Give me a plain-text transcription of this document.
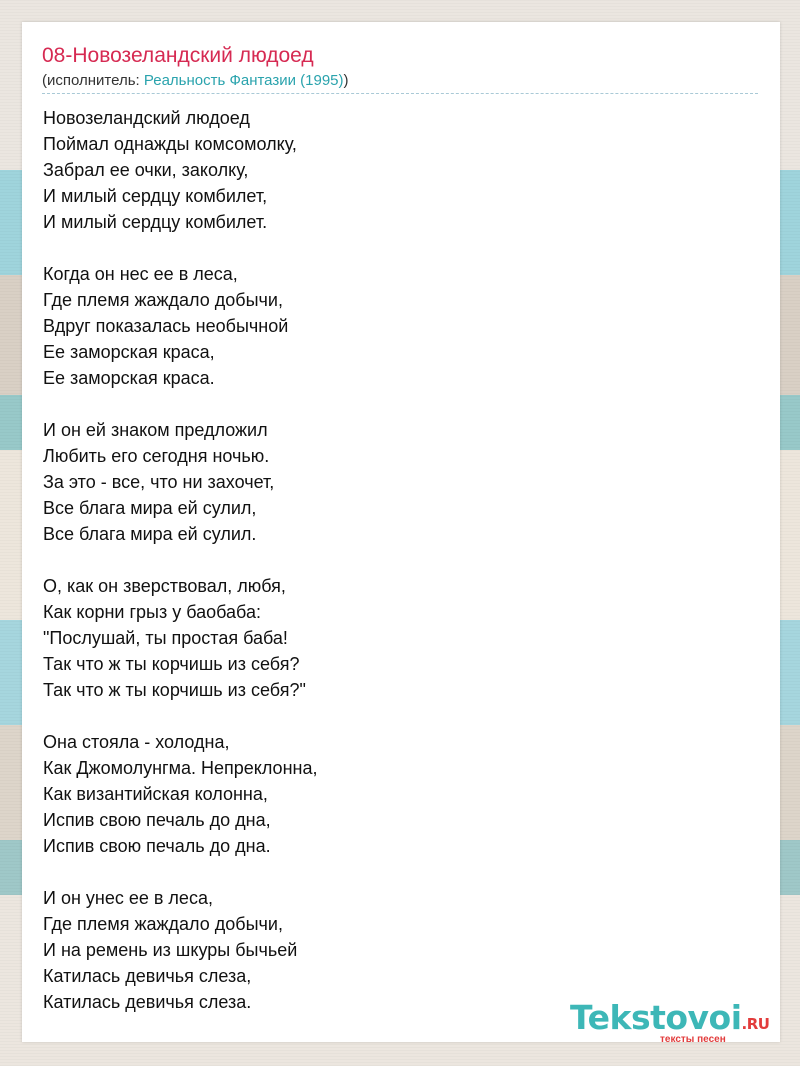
08-Новозеландский людоед
(исполнитель: Реальность Фантазии (1995))
Новозеландский людоед
Поймал однажды комсомолку,
Забрал ее очки, заколку,
И милый сердцу комбилет,
И милый сердцу комбилет.
Когда он нес ее в леса,
Где племя жаждало добычи,
Вдруг показалась необычной
Ее заморская краса,
Ее заморская краса.
И он ей знаком предложил
Любить его сегодня ночью.
За это - все, что ни захочет,
Все блага мира ей сулил,
Все блага мира ей сулил.
О, как он зверствовал, любя,
Как корни грыз у баобаба:
"Послушай, ты простая баба!
Так что ж ты корчишь из себя?
Так что ж ты корчишь из себя?"
Она стояла - холодна,
Как Джомолунгма. Непреклонна,
Как византийская колонна,
Испив свою печаль до дна,
Испив свою печаль до дна.
И он унес ее в леса,
Где племя жаждало добычи,
И на ремень из шкуры бычьей
Катилась девичья слеза,
Катилась девичья слеза.	Tekstovoi.RU
тексты песен
